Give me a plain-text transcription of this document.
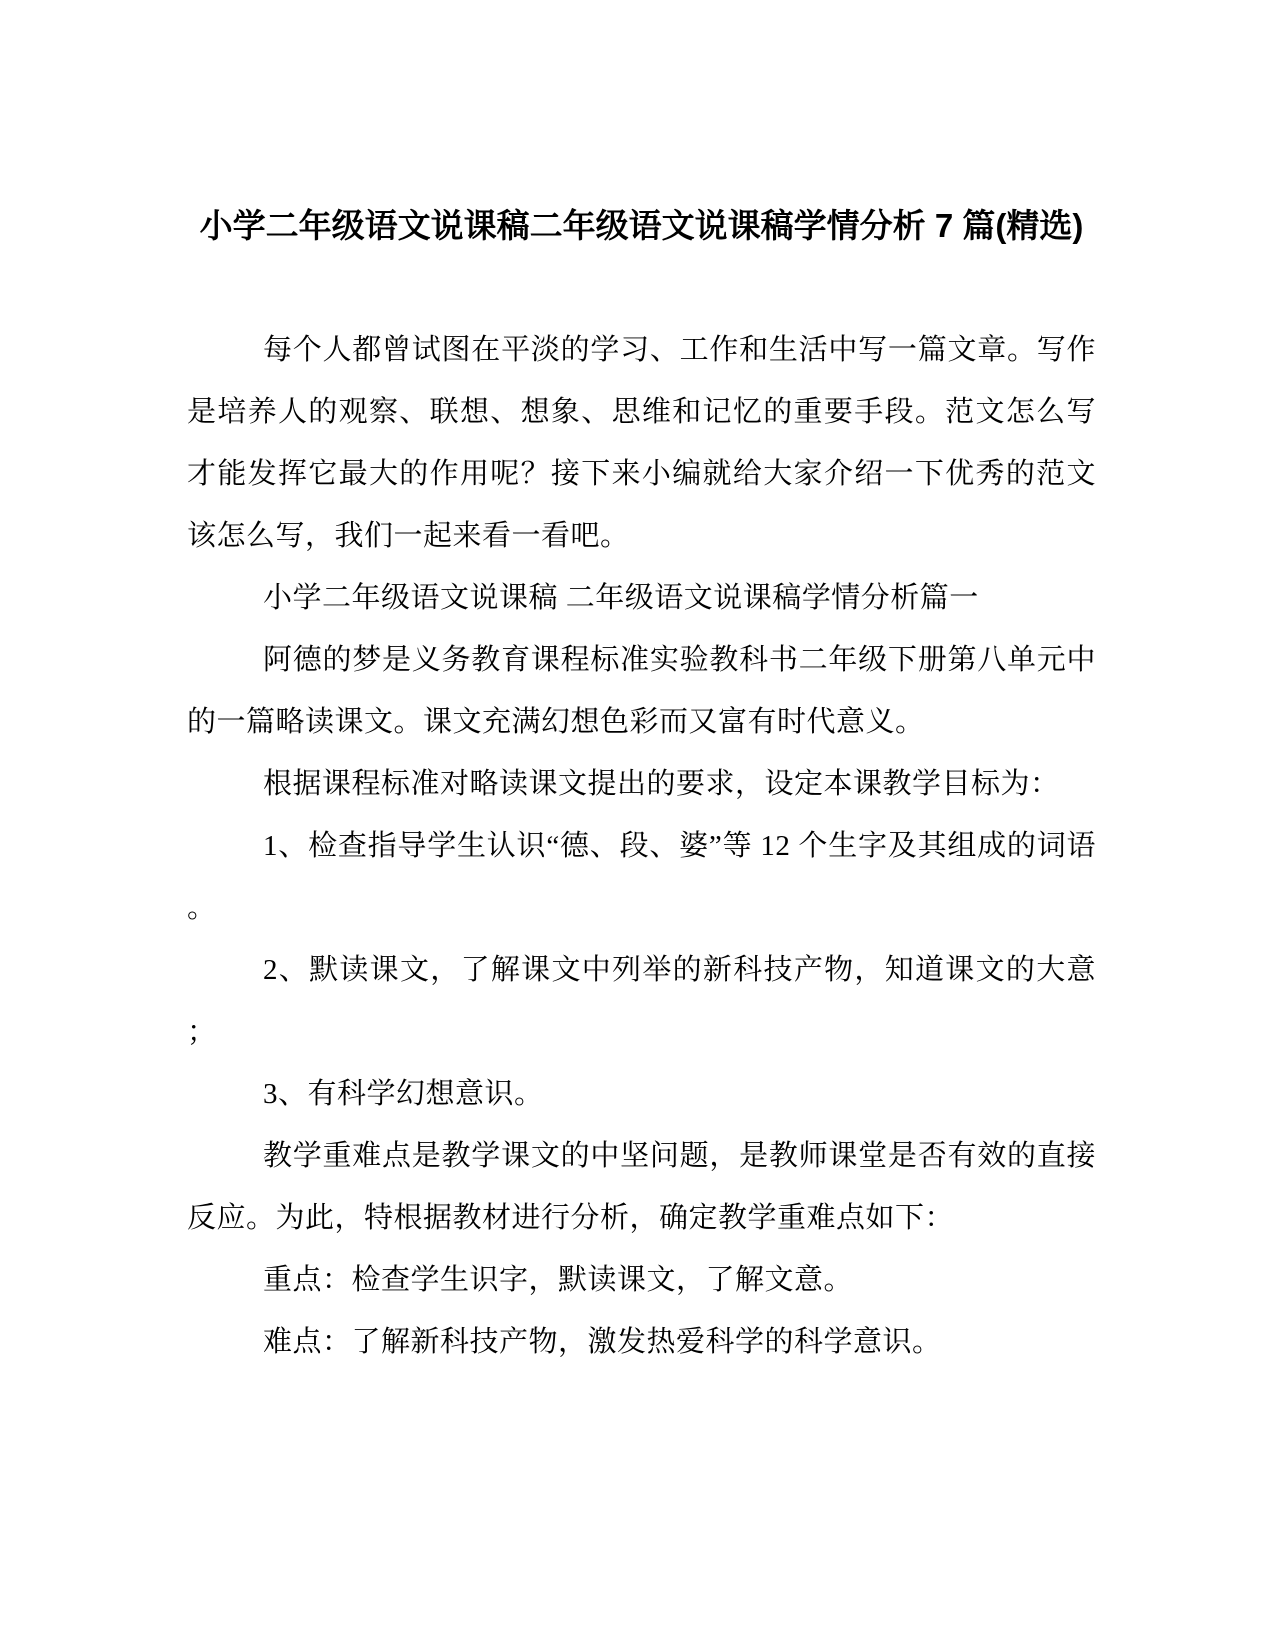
小学二年级语文说课稿二年级语文说课稿学情分析 7 篇(精选)
每个人都曾试图在平淡的学习、工作和生活中写一篇文章。写作
是培养人的观察、联想、想象、思维和记忆的重要手段。范文怎么写
才能发挥它最大的作用呢？接下来小编就给大家介绍一下优秀的范文
该怎么写，我们一起来看一看吧。
小学二年级语文说课稿 二年级语文说课稿学情分析篇一
阿德的梦是义务教育课程标准实验教科书二年级下册第八单元中
的一篇略读课文。课文充满幻想色彩而又富有时代意义。
根据课程标准对略读课文提出的要求，设定本课教学目标为：
1、检查指导学生认识“德、段、婆”等 12 个生字及其组成的词语
。
2、默读课文，了解课文中列举的新科技产物，知道课文的大意
；
3、有科学幻想意识。
教学重难点是教学课文的中坚问题，是教师课堂是否有效的直接
反应。为此，特根据教材进行分析，确定教学重难点如下：
重点：检查学生识字，默读课文，了解文意。
难点：了解新科技产物，激发热爱科学的科学意识。
